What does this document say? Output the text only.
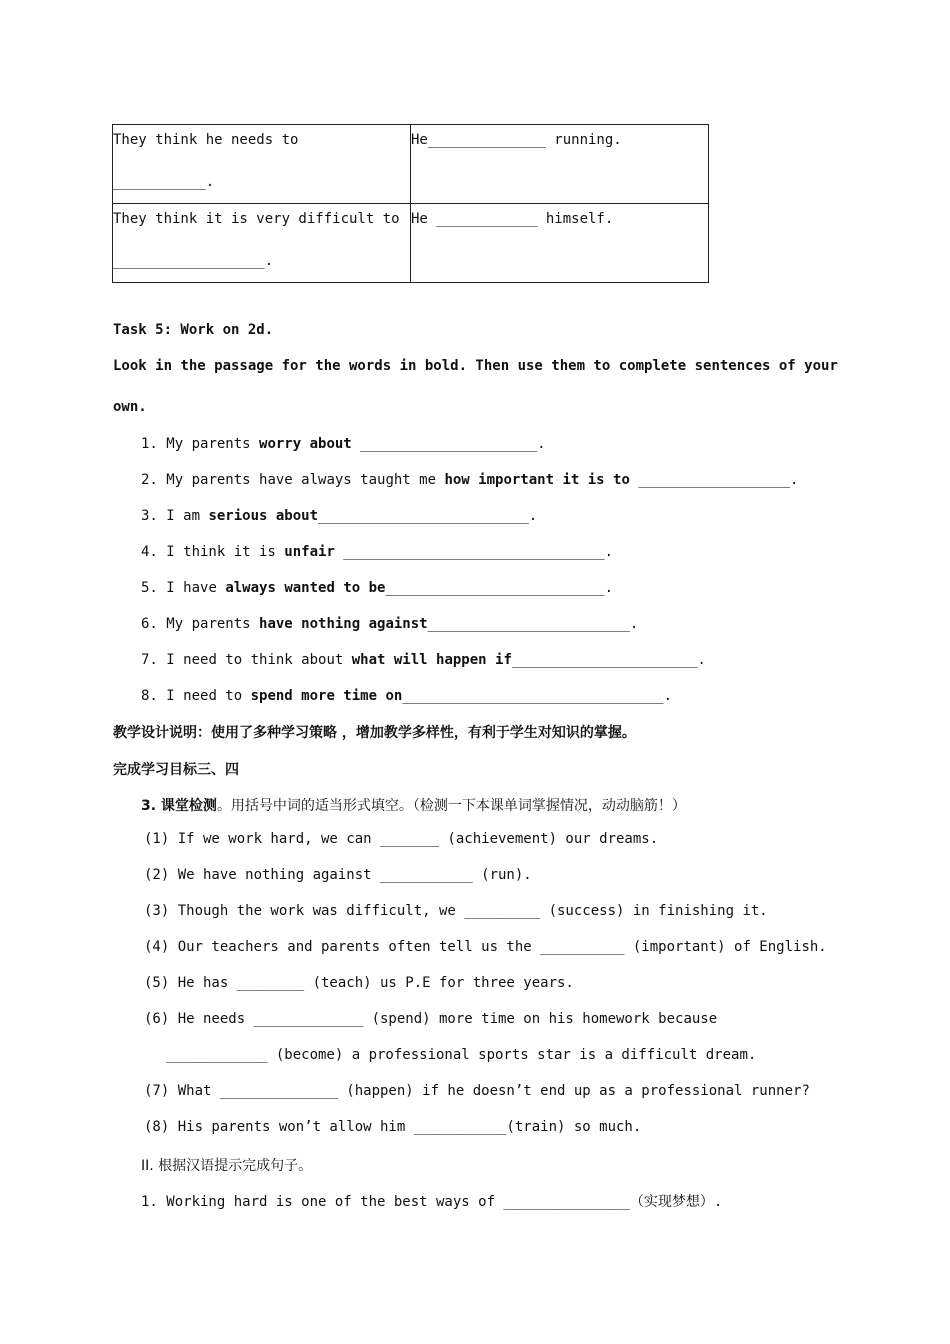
They think he needs to
___________.	He______________ running.

They think it is very difficult to
__________________.	He ____________ himself.
Task 5: Work on 2d.
Look in the passage for the words in bold. Then use them to complete sentences of your
own.
1. My parents worry about _____________________.
2. My parents have always taught me how important it is to __________________.
3. I am serious about_________________________.
4. I think it is unfair _______________________________.
5. I have always wanted to be__________________________.
6. My parents have nothing against________________________.
7. I need to think about what will happen if______________________.
8. I need to spend more time on_______________________________.
教学设计说明：使用了多种学习策略 ，增加教学多样性，有利于学生对知识的掌握。
完成学习目标三、四
3. 课堂检测。用括号中词的适当形式填空。（检测一下本课单词掌握情况，动动脑筋！）
(1) If we work hard, we can _______ (achievement) our dreams.
(2) We have nothing against ___________ (run).
(3) Though the work was difficult, we _________ (success) in finishing it.
(4) Our teachers and parents often tell us the __________ (important) of English.
(5) He has ________ (teach) us P.E for three years.
(6) He needs _____________ (spend) more time on his homework because
____________ (become) a professional sports star is a difficult dream.
(7) What ______________ (happen) if he doesn’t end up as a professional runner?
(8) His parents won’t allow him ___________(train) so much.
II. 根据汉语提示完成句子。
1. Working hard is one of the best ways of _______________（实现梦想）.
